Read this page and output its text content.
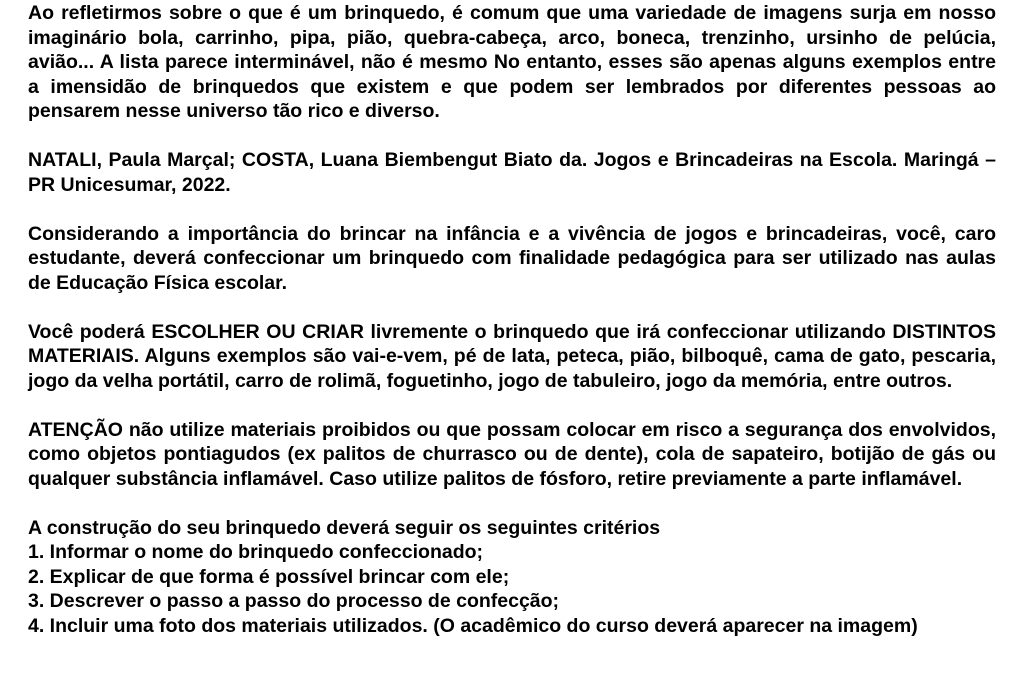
Ao refletirmos sobre o que é um brinquedo, é comum que uma variedade de imagens surja em nosso imaginário bola, carrinho, pipa, pião, quebra-cabeça, arco, boneca, trenzinho, ursinho de pelúcia, avião... A lista parece interminável, não é mesmo No entanto, esses são apenas alguns exemplos entre a imensidão de brinquedos que existem e que podem ser lembrados por diferentes pessoas ao pensarem nesse universo tão rico e diverso.

NATALI, Paula Marçal; COSTA, Luana Biembengut Biato da. Jogos e Brincadeiras na Escola. Maringá – PR Unicesumar, 2022.

Considerando a importância do brincar na infância e a vivência de jogos e brincadeiras, você, caro estudante, deverá confeccionar um brinquedo com finalidade pedagógica para ser utilizado nas aulas de Educação Física escolar.

Você poderá ESCOLHER OU CRIAR livremente o brinquedo que irá confeccionar utilizando DISTINTOS MATERIAIS. Alguns exemplos são vai-e-vem, pé de lata, peteca, pião, bilboquê, cama de gato, pescaria, jogo da velha portátil, carro de rolimã, foguetinho, jogo de tabuleiro, jogo da memória, entre outros.

ATENÇÃO não utilize materiais proibidos ou que possam colocar em risco a segurança dos envolvidos, como objetos pontiagudos (ex palitos de churrasco ou de dente), cola de sapateiro, botijão de gás ou qualquer substância inflamável. Caso utilize palitos de fósforo, retire previamente a parte inflamável.

A construção do seu brinquedo deverá seguir os seguintes critérios

1. Informar o nome do brinquedo confeccionado;
2. Explicar de que forma é possível brincar com ele;
3. Descrever o passo a passo do processo de confecção;
4. Incluir uma foto dos materiais utilizados. (O acadêmico do curso deverá aparecer na imagem)
